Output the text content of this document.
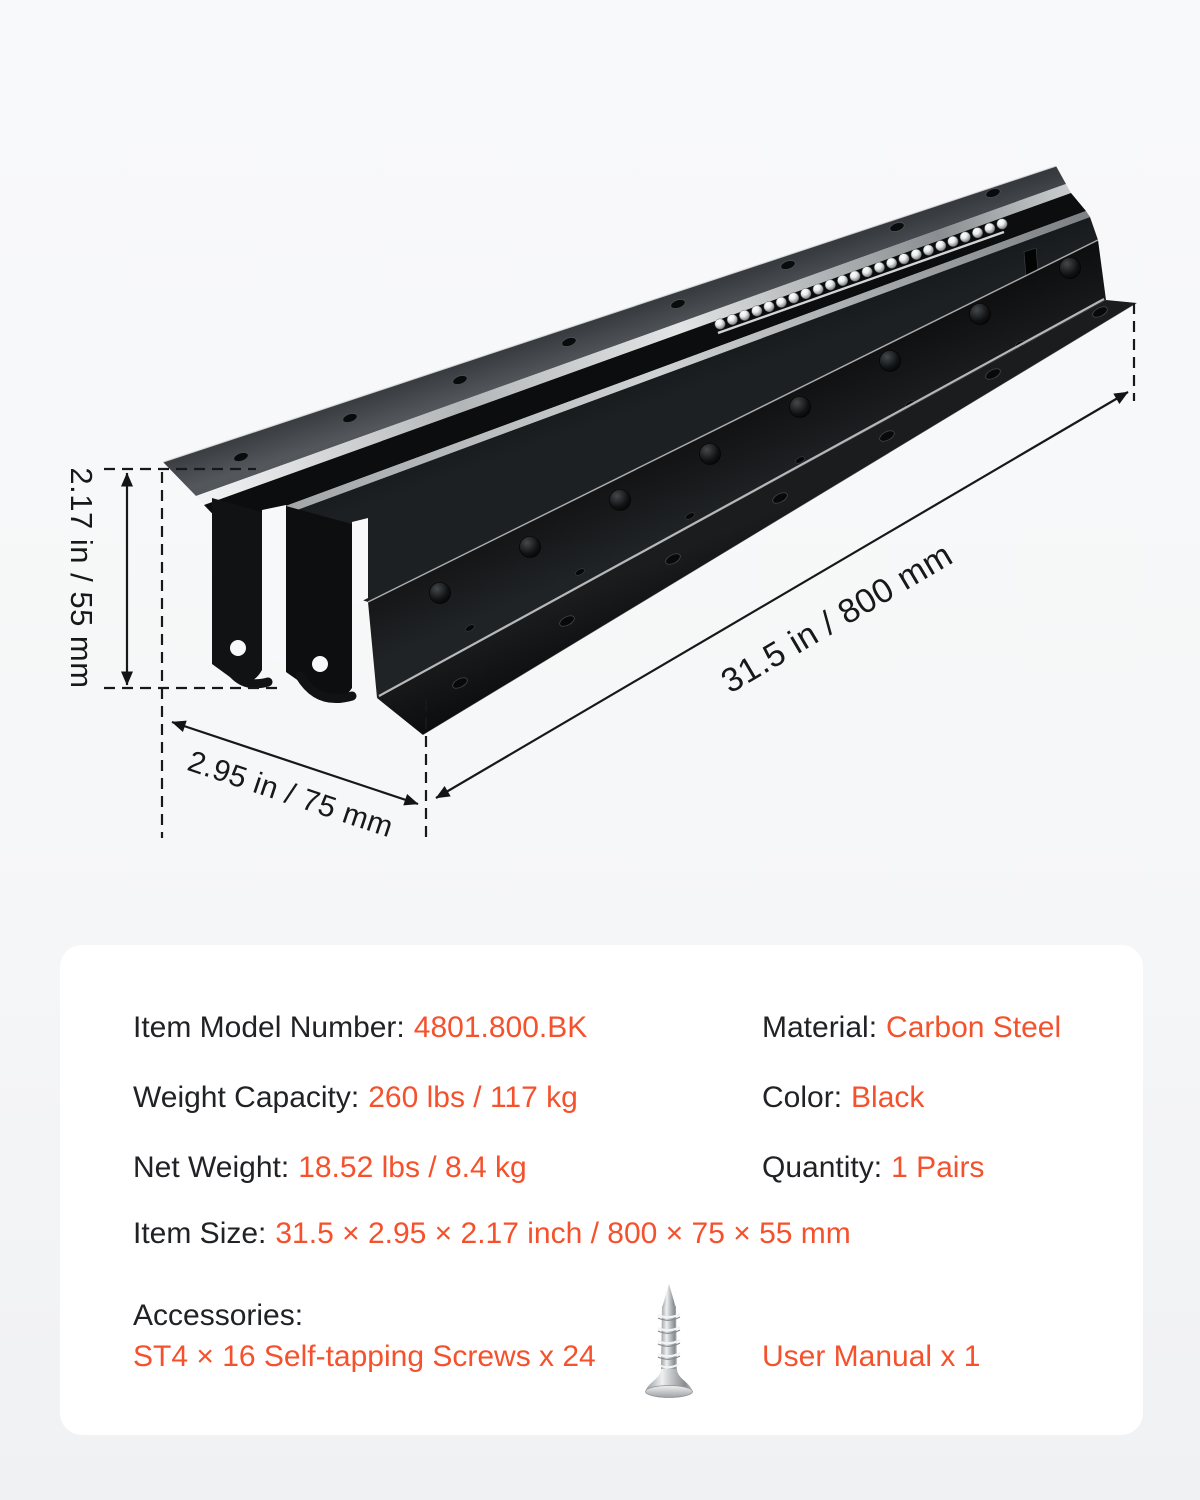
2.17 in / 55 mm
2.95 in / 75 mm
31.5 in / 800 mm
Item Model Number: 4801.800.BK
Weight Capacity: 260 lbs / 117 kg
Net Weight: 18.52 lbs / 8.4 kg
Item Size: 31.5 × 2.95 × 2.17 inch / 800 × 75 × 55 mm
Material: Carbon Steel
Color: Black
Quantity: 1 Pairs
Accessories:
ST4 × 16 Self-tapping Screws x 24	User Manual x 1
